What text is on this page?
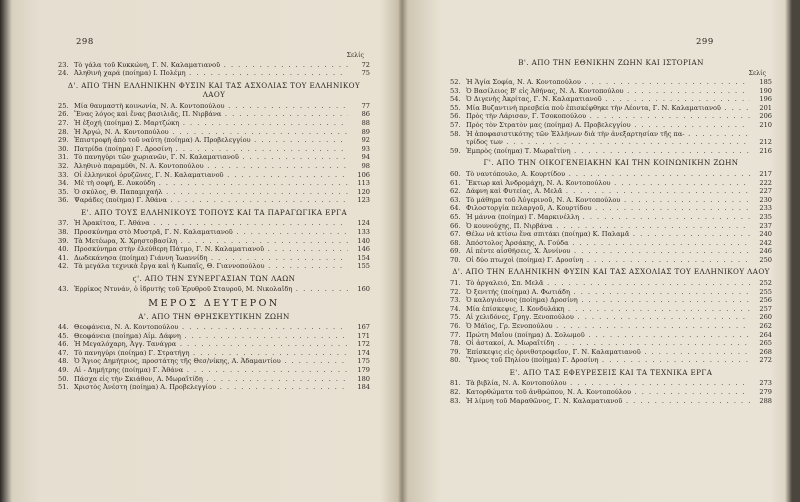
298
Σελίς
23. Τὸ γάλα τοῦ Κυκκώνη, Γ. Ν. Καλαματιανοῦ . . .	72
24. Ἀληθινὴ χαρά (ποίημα) Ι. Πολέμη . . .	75
Δ'. ΑΠΟ ΤΗΝ ΕΛΛΗΝΙΚΗΝ ΦΥΣΙΝ ΚΑΙ ΤΑΣ ΑΣΧΟΛΙΑΣ ΤΟΥ ΕΛΛΗΝΙΚΟΥ ΛΑΟΥ
25. Μία θαυμαστὴ κοινωνία, Ν. Α. Κοντοπούλου . . .	77
26. Ἕνας λόγος καὶ ἕνας βασιλιᾶς, Π. Νιρβάνα . . .	86
27. Ἡ ἐξοχή (ποίημα) Σ. Μαρτζώκη . . .	88
28. Ἡ Ἀργώ, Ν. Α. Κοντοπούλου . . .	89
29. Ἐπιστροφὴ ἀπὸ τοῦ ναύτη (ποίημα) Α. Προβελεγγίου . . .	92
30. Πατρίδα (ποίημα) Γ. Δροσίνη . . .	93
31. Τὸ πανηγύρι τῶν χωριανῶν, Γ. Ν. Καλαματιανοῦ . . .	94
32. Ἀληθινὸ παραμύθι, Ν. Α. Κοντοπούλου . . .	98
33. Οἱ ἑλληνικοὶ ὀρυζῶνες, Γ. Ν. Καλαματιανοῦ . . .	106
34. Μὲ τὴ σοφή, Ε. Λυκούδη . . .	113
35. Ὁ σκύλος, Θ. Παπαμιχαήλ . . .	120
36. Ψαράδες (ποίημα) Γ. Ἀθάνα . . .	123
Ε'. ΑΠΟ ΤΟΥΣ ΕΛΛΗΝΙΚΟΥΣ ΤΟΠΟΥΣ ΚΑΙ ΤΑ ΠΑΡΑΓΩΓΙΚΑ ΕΡΓΑ
37. Ἡ Ἀρακίτσα, Γ. Ἀθάνα . . .	124
38. Προσκύνημα στὸ Μυστρᾶ, Γ. Ν. Καλαματιανοῦ . . .	133
39. Τὰ Μετέωρα, Χ. Χρηστοβασίλη . . .	140
40. Προσκύνημα στὴν ἐλεύθερη Πάτμο, Γ. Ν. Καλαματιανοῦ . . .	146
41. Δωδεκάνησα (ποίημα) Γιάννη Ἰωαννίδη . . .	154
42. Τὰ μεγάλα τεχνικὰ ἔργα καὶ ἡ Κωπαΐς, Θ. Γιαννοπούλου . . .	155
ϛ'. ΑΠΟ ΤΗΝ ΣΥΝΕΡΓΑΣΙΑΝ ΤΩΝ ΛΑΩΝ
43. Ἐρρίκος Ντυνάν, ὁ ἱδρυτὴς τοῦ Ἐρυθροῦ Σταυροῦ, Μ. Νικολαΐδη . . .	160
ΜΕΡΟΣ ΔΕΥΤΕΡΟΝ
Α'. ΑΠΟ ΤΗΝ ΘΡΗΣΚΕΥΤΙΚΗΝ ΖΩΗΝ
44. Θεοφάνεια, Ν. Α. Κοντοπούλου . . .	167
45. Θεοφάνεια (ποίημα) Αἰμ. Δάφνη . . .	171
46. Ἡ Μεγαλόχαρη, Ἀγγ. Τανάγρα . . .	172
47. Τὸ πανηγύρι (ποίημα) Γ. Στρατήγη . . .	174
48. Ὁ Ἅγιος Δημήτριος, προστάτης τῆς Θεσ/νίκης, Α. Ἀδαμαντίου . . .	175
49. Αἱ - Δημήτρης (ποίημα) Γ. Ἀθάνα . . .	179
50. Πάσχα εἰς τὴν Σκιάθον, Α. Μωραΐτίδη . . .	180
51. Χριστὸς Ἀνέστη (ποίημα) Α. Προβελεγγίου . . .	184
299
Β'. ΑΠΟ ΤΗΝ ΕΘΝΙΚΗΝ ΖΩΗΝ ΚΑΙ ΙΣΤΟΡΙΑΝ
Σελίς
52. Ἡ Ἁγία Σοφία, Ν. Α. Κοντοπούλου . . .	185
53. Ὁ Βασίλειος Β' εἰς Ἀθήνας, Ν. Α. Κοντοπούλου . . .	190
54. Ὁ Διγενὴς Ἀκρίτας, Γ. Ν. Καλαματιανοῦ . . .	196
55. Μία Βυζαντινὴ πρεσβεία ποὺ ἐπισκέφθηκε τὴν Λέοντα, Γ. Ν. Καλαματιανοῦ . . .	201
56. Πρὸς τὴν Λάρισαν, Γ. Τσοκοπούλου . . .	206
57. Πρὸς τὸν Στρατὸν μας (ποίημα) Α. Προβελεγγίου . . .	210
58. Ἡ ἀποφασιστικότης τῶν Ἑλλήνων διὰ τὴν ἀνεξαρτησίαν τῆς πα- . . .
τρίδος των . . .	212
59. Ἐμπρὸς (ποίημα) Τ. Μωραΐτίνη . . .	216
Γ'. ΑΠΟ ΤΗΝ ΟΙΚΟΓΕΝΕΙΑΚΗΝ ΚΑΙ ΤΗΝ ΚΟΙΝΩΝΙΚΗΝ ΖΩΗΝ
60. Τὸ ναυτόπουλο, Α. Κουρτίδου . . .	217
61. Ἕκτωρ καὶ Ἀνδρομάχη, Ν. Α. Κοντοπούλου . . .	222
62. Δάφνη καὶ Φυτείας, Α. Μελᾶ . . .	227
63. Τὸ μάθημα τοῦ Ἀὐγερινοῦ, Ν. Α. Κοντοπούλου . . .	230
64. Φιλοστοργία πελαργοῦ, Α. Κουρτίδου . . .	233
65. Ἡ μάννα (ποίημα) Γ. Μαρκινέλλη . . .	235
66. Ὁ κουνούχης, Π. Νιρβάνα . . .	237
67. Θέλω νὰ κτίσω ἕνα σπιτάκι (ποίημα) Κ. Παλαμᾶ . . .	240
68. Ἀπόστολος Ἀρσάκης, Α. Γούδα . . .	242
69. Αἱ πέντε αἰσθήσεις, Χ. Ἀννίνου . . .	246
70. Οἱ δύο πτωχοὶ (ποίημα) Γ. Δροσίνη . . .	250
Δ'. ΑΠΟ ΤΗΝ ΕΛΛΗΝΙΚΗΝ ΦΥΣΙΝ ΚΑΙ ΤΑΣ ΑΣΧΟΛΙΑΣ ΤΟΥ ΕΛΛΗΝΙΚΟΥ ΛΑΟΥ
71. Τὸ ἀργαλειό, Σπ. Μελᾶ . . .	252
72. Ὁ ξενιτής (ποίημα) Α. Φωτιάδη . . .	255
73. Ὁ καλογιάννος (ποίημα) Δροσίνη . . .	256
74. Μία ἐπίσκεψις, Ι. Κονδυλάκη . . .	257
75. Αἱ χελιδόνες, Γρηγ. Ξενοπούλου . . .	260
76. Ὁ Μάϊος, Γρ. Ξενοπούλου . . .	262
77. Πρώτη Μαΐου (ποίημα) Δ. Σολωμοῦ . . .	264
78. Οἱ ἀστακοί, Α. Μωραΐτίδη . . .	265
79. Ἐπίσκεψις εἰς ὀρνιθοτροφεῖον, Γ. Ν. Καλαματιανοῦ . . .	268
80. Ὕμνος τοῦ Πηλίου (ποίημα) Γ. Δροσίνη . . .	272
Ε'. ΑΠΟ ΤΑΣ ΕΦΕΥΡΕΣΕΙΣ ΚΑΙ ΤΑ ΤΕΧΝΙΚΑ ΕΡΓΑ
81. Τὰ βιβλία, Ν. Α. Κοντοπούλου . . .	273
82. Κατορθώματα τοῦ ἀνθρώπου, Ν. Α. Κοντοπούλου . . .	279
83. Ἡ λίμνη τοῦ Μαραθῶνος, Γ. Ν. Καλαματιανοῦ . . .	288
